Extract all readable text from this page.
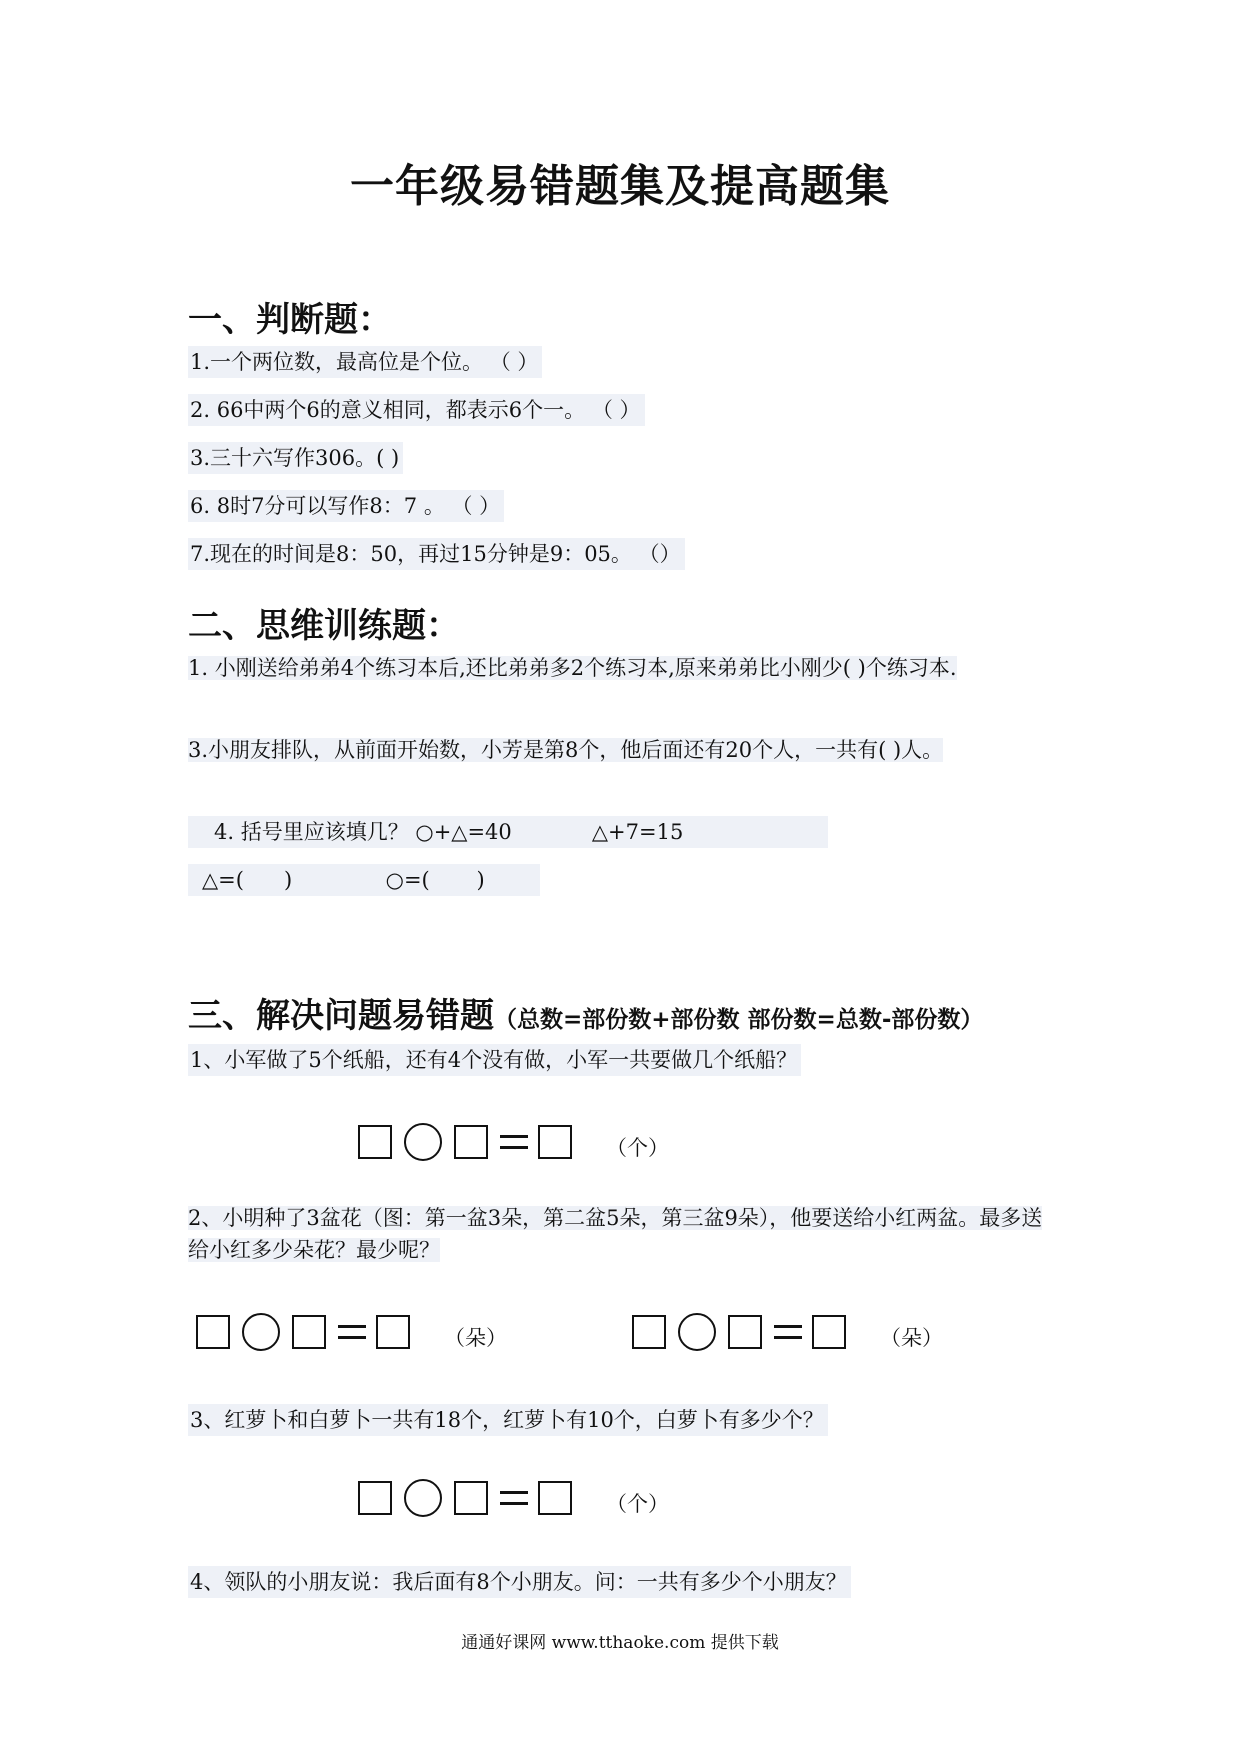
一年级易错题集及提高题集
一、判断题：
1.一个两位数，最高位是个位。 （ ）
2. 66中两个6的意义相同，都表示6个一。 （ ）
3.三十六写作306。( )
6. 8时7分可以写作8：7 。 （ ）
7.现在的时间是8：50，再过15分钟是9：05。 （）
二、思维训练题：
1. 小刚送给弟弟4个练习本后,还比弟弟多2个练习本,原来弟弟比小刚少( )个练习本.
3.小朋友排队，从前面开始数，小芳是第8个，他后面还有20个人，一共有( )人。
4. 括号里应该填几？ ○+△=40            △+7=15
△=(      )              ○=(       )
三、解决问题易错题（总数=部份数+部份数 部份数=总数-部份数）
1、小军做了5个纸船，还有4个没有做，小军一共要做几个纸船？
（个）
2、小明种了3盆花（图：第一盆3朵，第二盆5朵，第三盆9朵），他要送给小红两盆。最多送给小红多少朵花？最少呢？
（朵）	（朵）
3、红萝卜和白萝卜一共有18个，红萝卜有10个，白萝卜有多少个？
（个）
4、领队的小朋友说：我后面有8个小朋友。问：一共有多少个小朋友？
通通好课网 www.tthaoke.com 提供下载
